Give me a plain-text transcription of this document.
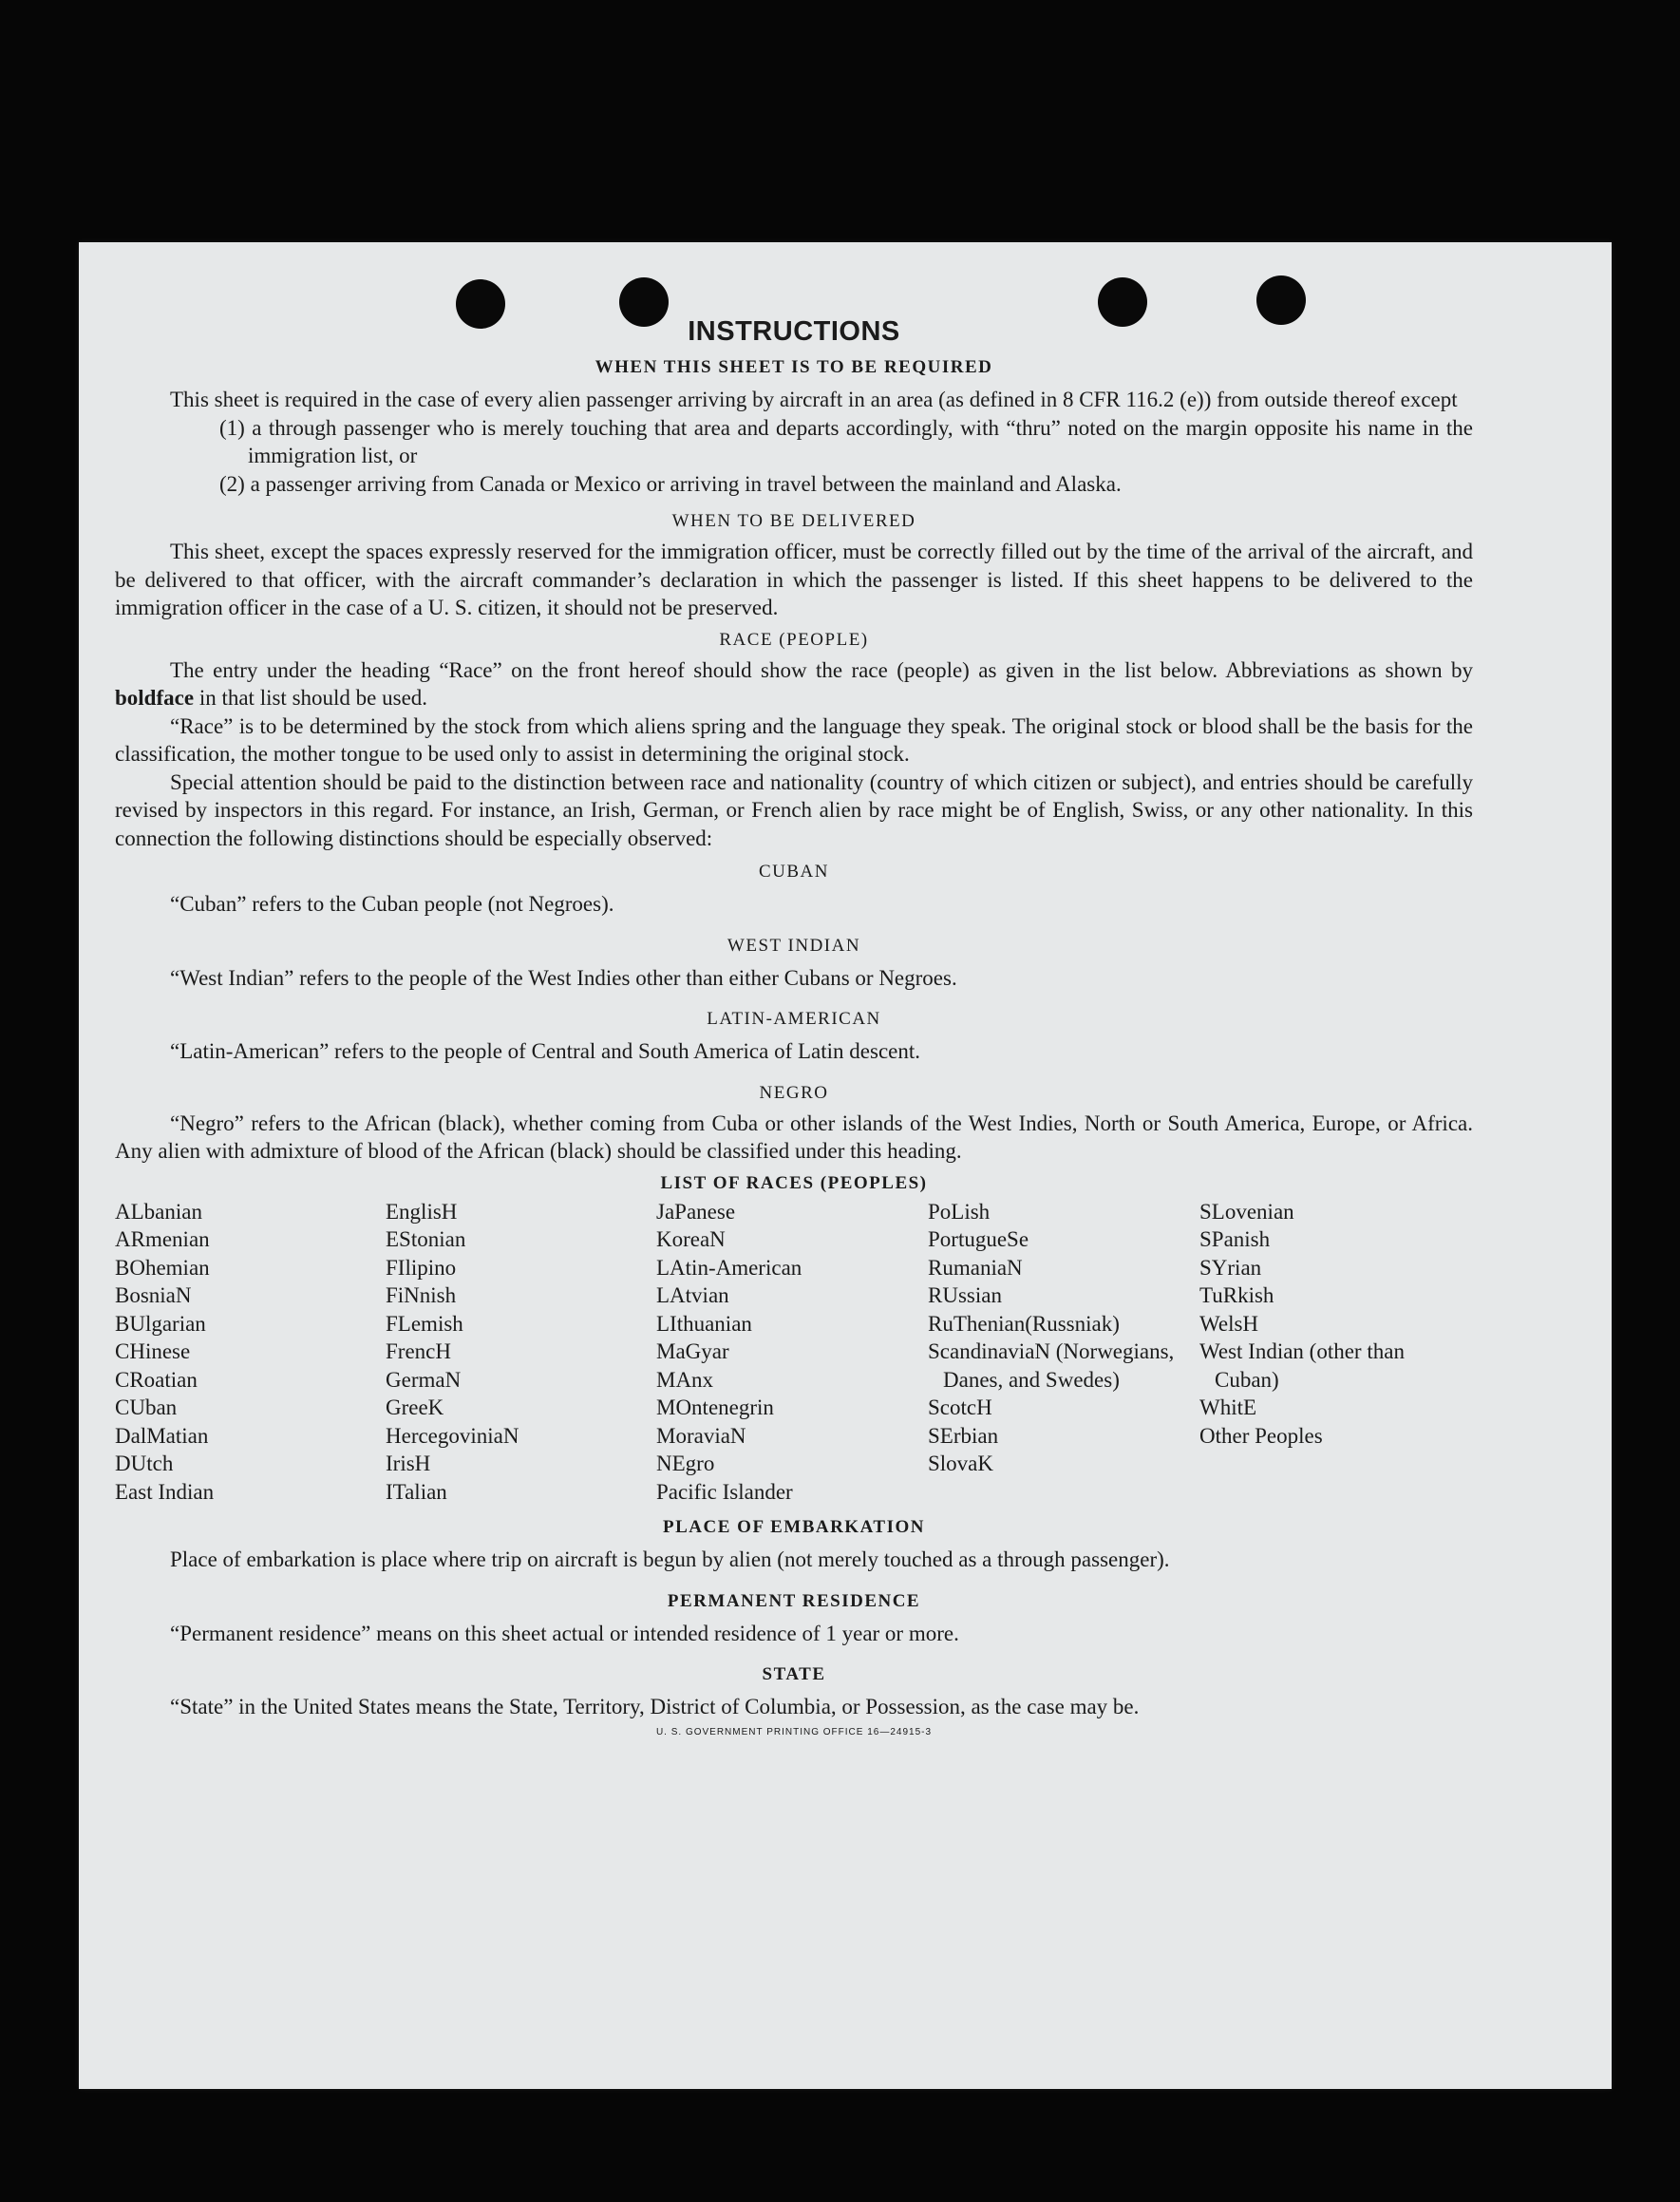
INSTRUCTIONS
WHEN THIS SHEET IS TO BE REQUIRED

This sheet is required in the case of every alien passenger arriving by aircraft in an area (as defined in 8 CFR 116.2 (e)) from outside thereof except

(1) a through passenger who is merely touching that area and departs accordingly, with “thru” noted on the margin opposite his name in the immigration list, or
(2) a passenger arriving from Canada or Mexico or arriving in travel between the mainland and Alaska.
WHEN TO BE DELIVERED

This sheet, except the spaces expressly reserved for the immigration officer, must be correctly filled out by the time of the arrival of the aircraft, and be delivered to that officer, with the aircraft commander’s declaration in which the passenger is listed. If this sheet happens to be delivered to the immigration officer in the case of a U. S. citizen, it should not be preserved.

RACE (PEOPLE)

The entry under the heading “Race” on the front hereof should show the race (people) as given in the list below. Abbreviations as shown by boldface in that list should be used.

“Race” is to be determined by the stock from which aliens spring and the language they speak. The original stock or blood shall be the basis for the classification, the mother tongue to be used only to assist in determining the original stock.

Special attention should be paid to the distinction between race and nationality (country of which citizen or subject), and entries should be carefully revised by inspectors in this regard. For instance, an Irish, German, or French alien by race might be of English, Swiss, or any other nationality. In this connection the following distinctions should be especially observed:

CUBAN

“Cuban” refers to the Cuban people (not Negroes).

WEST INDIAN

“West Indian” refers to the people of the West Indies other than either Cubans or Negroes.

LATIN-AMERICAN

“Latin-American” refers to the people of Central and South America of Latin descent.

NEGRO

“Negro” refers to the African (black), whether coming from Cuba or other islands of the West Indies, North or South America, Europe, or Africa. Any alien with admixture of blood of the African (black) should be classified under this heading.

LIST OF RACES (PEOPLES)
ALbanian
ARmenian
BOhemian
BosniaN
BUlgarian
CHinese
CRoatian
CUban
DalMatian
DUtch
East Indian
EnglisH
EStonian
FIlipino
FiNnish
FLemish
FrencH
GermaN
GreeK
HercegoviniaN
IrisH
ITalian
JaPanese
KoreaN
LAtin-American
LAtvian
LIthuanian
MaGyar
MAnx
MOntenegrin
MoraviaN
NEgro
Pacific Islander
PoLish
PortugueSe
RumaniaN
RUssian
RuThenian(Russniak)
ScandinaviaN (Norwegians, Danes, and Swedes)
ScotcH
SErbian
SlovaK
SLovenian
SPanish
SYrian
TuRkish
WelsH
West Indian (other than Cuban)
WhitE
Other Peoples
PLACE OF EMBARKATION

Place of embarkation is place where trip on aircraft is begun by alien (not merely touched as a through passenger).

PERMANENT RESIDENCE

“Permanent residence” means on this sheet actual or intended residence of 1 year or more.

STATE

“State” in the United States means the State, Territory, District of Columbia, or Possession, as the case may be.

U. S. GOVERNMENT PRINTING OFFICE 16—24915-3
